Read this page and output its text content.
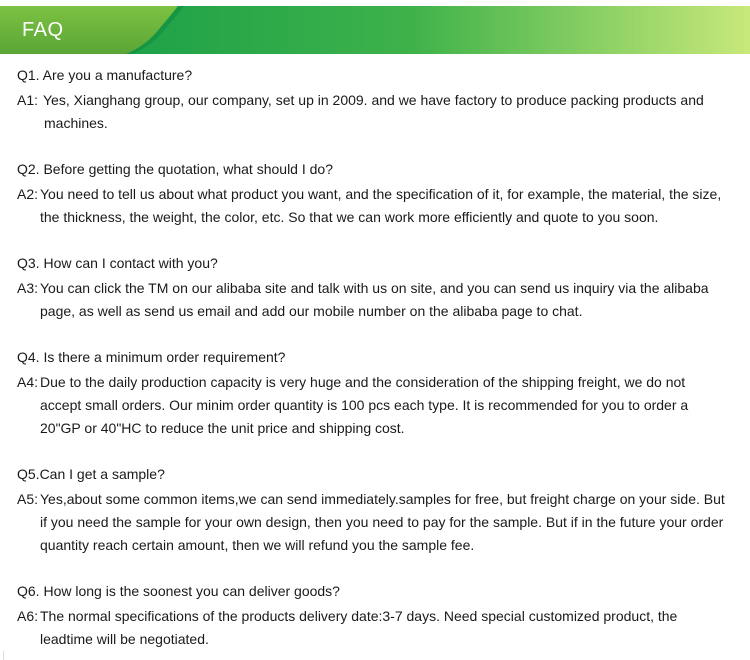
FAQ
Q1. Are you a manufacture?
A1: Yes, Xianghang group, our company, set up in 2009. and we have factory to produce packing products and machines.
Q2. Before getting the quotation, what should I do?
A2: You need to tell us about what product you want, and the specification of it, for example, the material, the size, the thickness, the weight, the color, etc. So that we can work more efficiently and quote to you soon.
Q3. How can I contact with you?
A3: You can click the TM on our alibaba site and talk with us on site, and you can send us inquiry via the alibaba page, as well as send us email and add our mobile number on the alibaba page to chat.
Q4. Is there a minimum order requirement?
A4: Due to the daily production capacity is very huge and the consideration of the shipping freight, we do not accept small orders. Our minim order quantity is 100 pcs each type. It is recommended for you to order a 20"GP or 40"HC to reduce the unit price and shipping cost.
Q5.Can I get a sample?
A5: Yes,about some common items,we can send immediately.samples for free, but freight charge on your side. But if you need the sample for your own design, then you need to pay for the sample. But if in the future your order quantity reach certain amount, then we will refund you the sample fee.
Q6. How long is the soonest you can deliver goods?
A6: The normal specifications of the products delivery date:3-7 days. Need special customized product, the leadtime will be negotiated.
